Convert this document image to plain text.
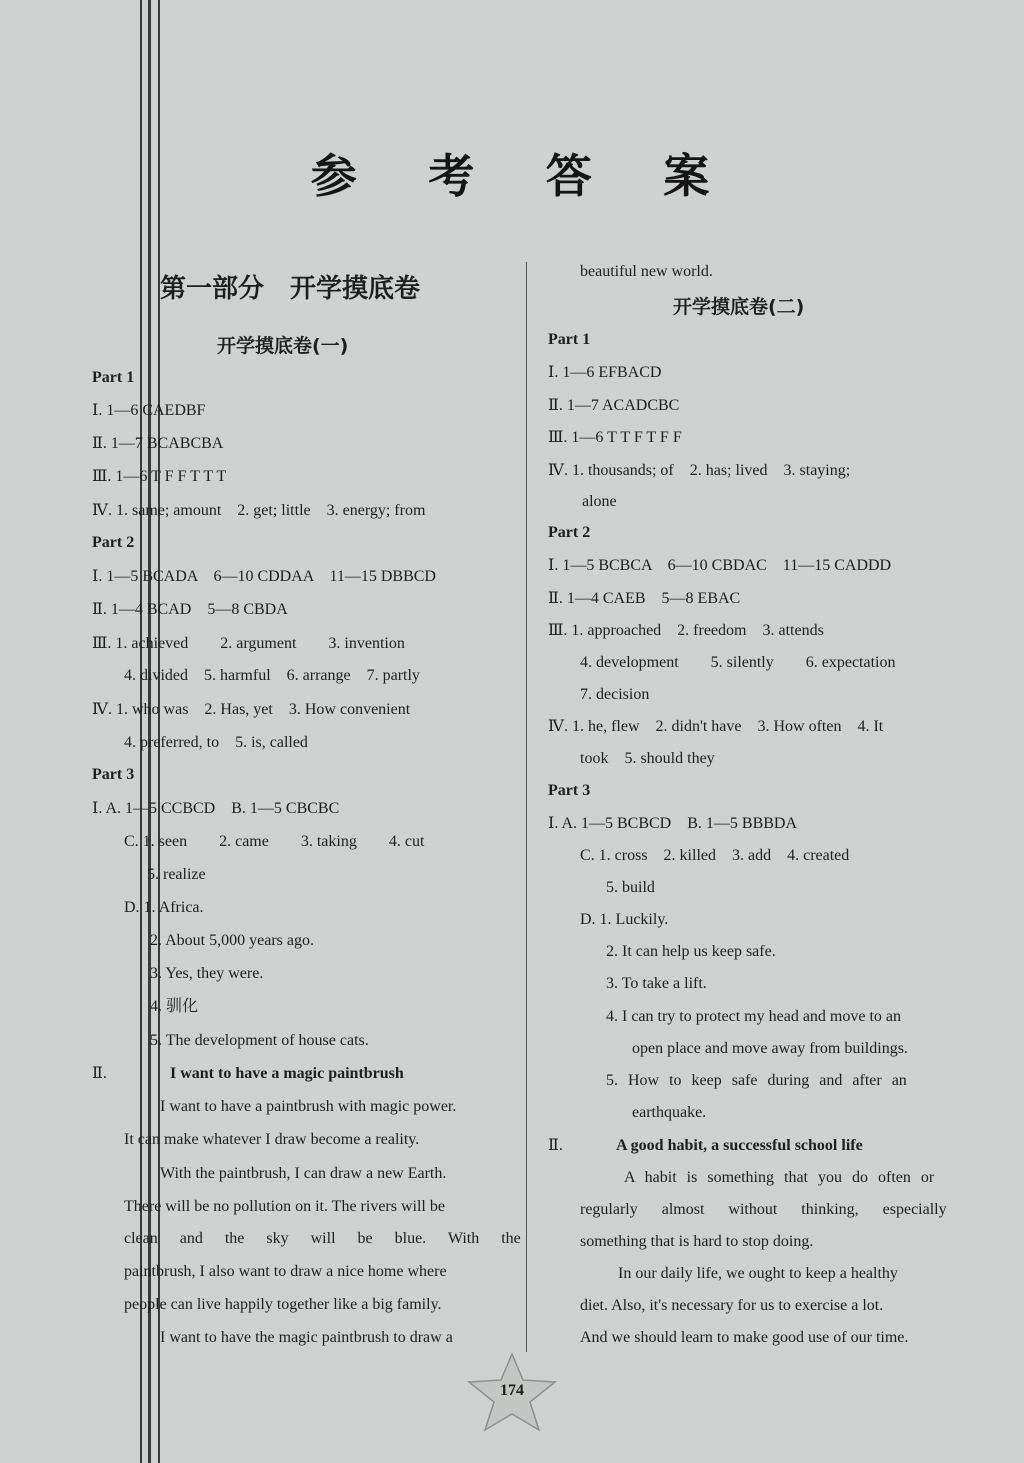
参 考 答 案
第一部分　开学摸底卷
开学摸底卷(一)
Part 1
Ⅰ. 1—6 CAEDBF
Ⅱ. 1—7 BCABCBA
Ⅲ. 1—6 T F F T T T
Ⅳ. 1. same; amount　2. get; little　3. energy; from
Part 2
Ⅰ. 1—5 BCADA　6—10 CDDAA　11—15 DBBCD
Ⅱ. 1—4 BCAD　5—8 CBDA
Ⅲ. 1. achieved　　2. argument　　3. invention
4. divided　5. harmful　6. arrange　7. partly
Ⅳ. 1. who was　2. Has, yet　3. How convenient
4. preferred, to　5. is, called
Part 3
Ⅰ. A. 1—5 CCBCD　B. 1—5 CBCBC
C. 1. seen　　2. came　　3. taking　　4. cut
5. realize
D. 1. Africa.
2. About 5,000 years ago.
3. Yes, they were.
4. 驯化
5. The development of house cats.
Ⅱ.	I want to have a magic paintbrush
I want to have a paintbrush with magic power.
It can make whatever I draw become a reality.
With the paintbrush, I can draw a new Earth.
There will be no pollution on it. The rivers will be
clean and the sky will be blue. With the
paintbrush, I also want to draw a nice home where
people can live happily together like a big family.
I want to have the magic paintbrush to draw a
beautiful new world.
开学摸底卷(二)
Part 1
Ⅰ. 1—6 EFBACD
Ⅱ. 1—7 ACADCBC
Ⅲ. 1—6 T T F T F F
Ⅳ. 1. thousands; of　2. has; lived　3. staying;
alone
Part 2
Ⅰ. 1—5 BCBCA　6—10 CBDAC　11—15 CADDD
Ⅱ. 1—4 CAEB　5—8 EBAC
Ⅲ. 1. approached　2. freedom　3. attends
4. development　　5. silently　　6. expectation
7. decision
Ⅳ. 1. he, flew　2. didn't have　3. How often　4. It
took　5. should they
Part 3
Ⅰ. A. 1—5 BCBCD　B. 1—5 BBBDA
C. 1. cross　2. killed　3. add　4. created
5. build
D. 1. Luckily.
2. It can help us keep safe.
3. To take a lift.
4. I can try to protect my head and move to an
open place and move away from buildings.
5. How to keep safe during and after an
earthquake.
Ⅱ.	A good habit, a successful school life
A habit is something that you do often or
regularly almost without thinking, especially
something that is hard to stop doing.
In our daily life, we ought to keep a healthy
diet. Also, it's necessary for us to exercise a lot.
And we should learn to make good use of our time.
174
